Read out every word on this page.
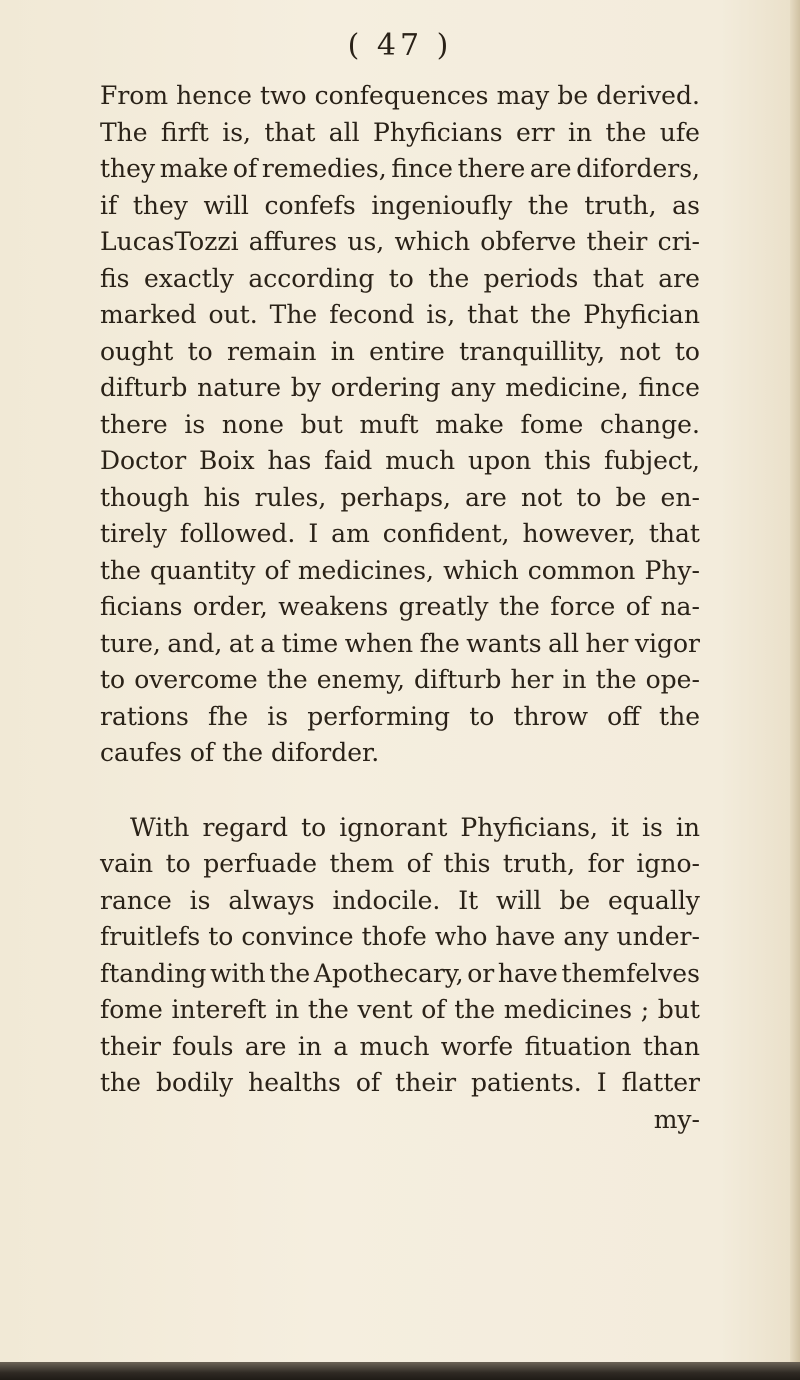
( 47 )
From hence two confequences may be derived.
The firft is, that all Phyficians err in the ufe
they make of remedies, fince there are diforders,
if they will confefs ingenioufly the truth, as
LucasTozzi affures us, which obferve their cri-
fis exactly according to the periods that are
marked out. The fecond is, that the Phyfician
ought to remain in entire tranquillity, not to
difturb nature by ordering any medicine, fince
there is none but muft make fome change.
Doctor Boix has faid much upon this fubject,
though his rules, perhaps, are not to be en-
tirely followed. I am confident, however, that
the quantity of medicines, which common Phy-
ficians order, weakens greatly the force of na-
ture, and, at a time when fhe wants all her vigor
to overcome the enemy, difturb her in the ope-
rations fhe is performing to throw off the
caufes of the diforder.
With regard to ignorant Phyficians, it is in
vain to perfuade them of this truth, for igno-
rance is always indocile. It will be equally
fruitlefs to convince thofe who have any under-
ftanding with the Apothecary, or have themfelves
fome intereft in the vent of the medicines ; but
their fouls are in a much worfe fituation than
the bodily healths of their patients. I flatter
my-
